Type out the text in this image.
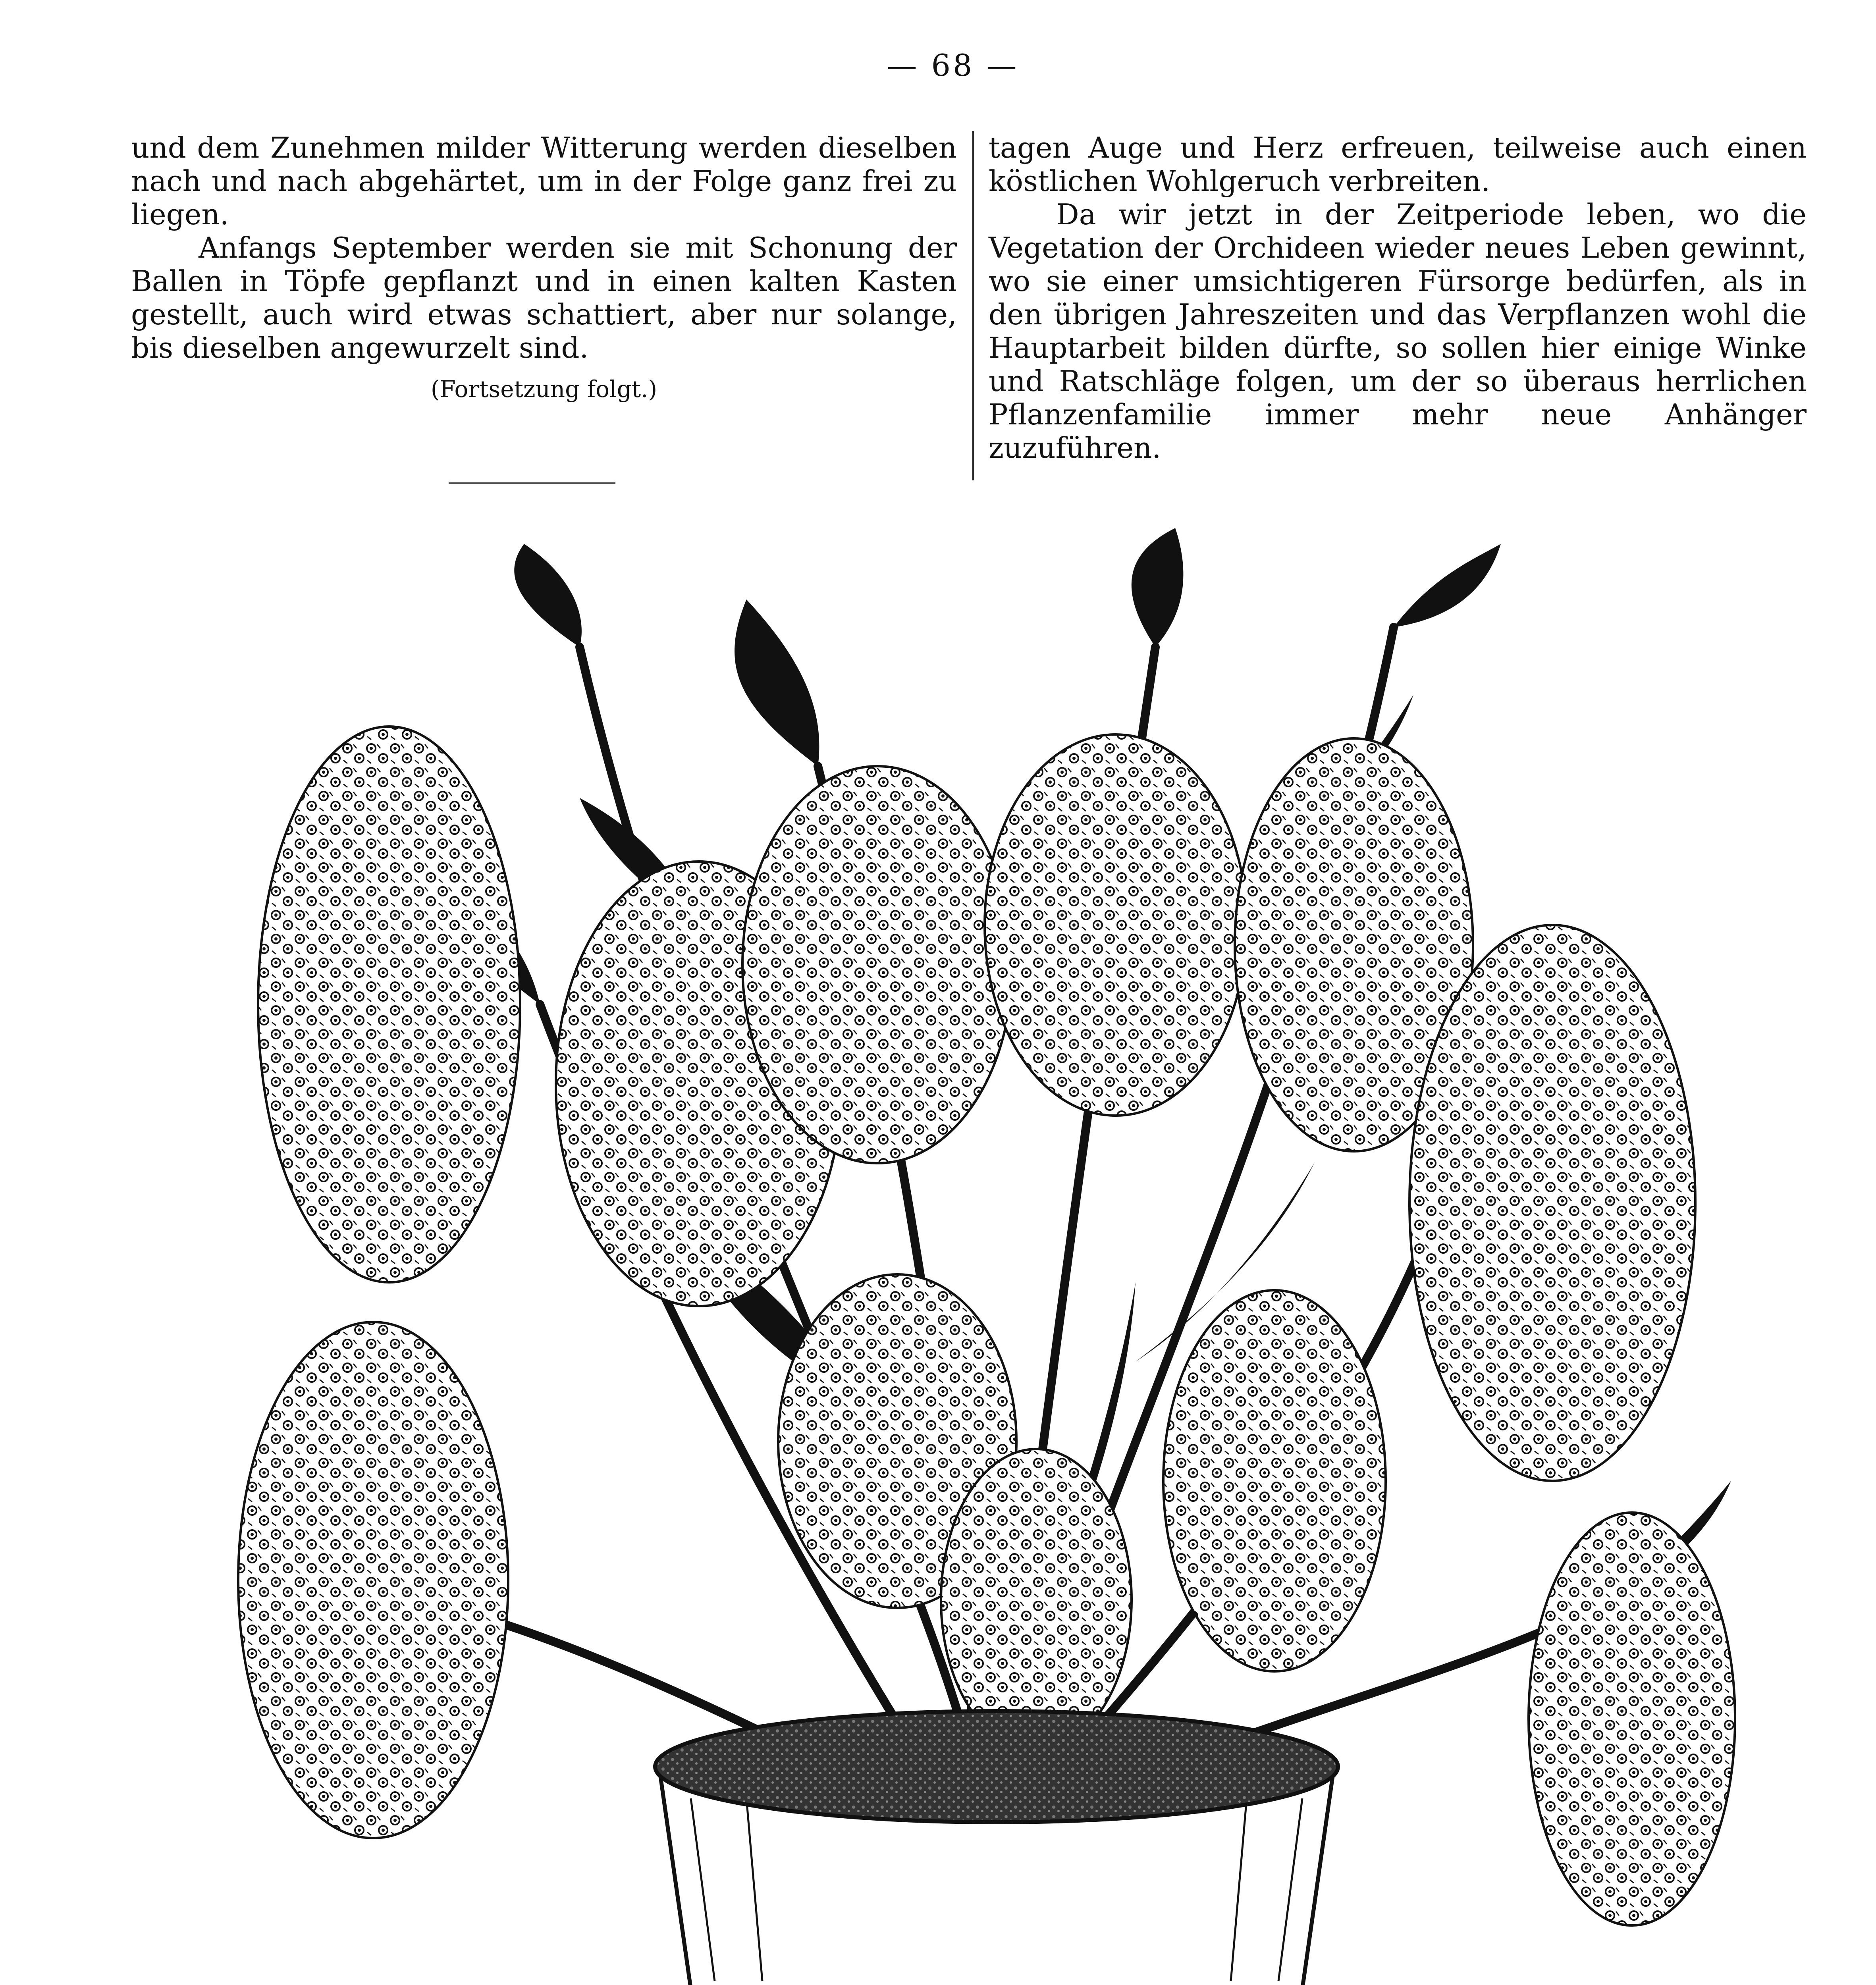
— 68 —

und dem Zunehmen milder Witterung werden dieselben nach und nach abgehärtet, um in der Folge ganz frei zu liegen.

Anfangs September werden sie mit Schonung der Ballen in Töpfe gepflanzt und in einen kalten Kasten gestellt, auch wird etwas schattiert, aber nur solange, bis dieselben angewurzelt sind.

(Fortsetzung folgt.)

tagen Auge und Herz erfreuen, teilweise auch einen köstlichen Wohlgeruch verbreiten.

Da wir jetzt in der Zeitperiode leben, wo die Vegetation der Orchideen wieder neues Leben gewinnt, wo sie einer umsichtigeren Fürsorge bedürfen, als in den übrigen Jahreszeiten und das Verpflanzen wohl die Hauptarbeit bilden dürfte, so sollen hier einige Winke und Ratschläge folgen, um der so überaus herrlichen Pflanzenfamilie immer mehr neue Anhänger zuzuführen.
